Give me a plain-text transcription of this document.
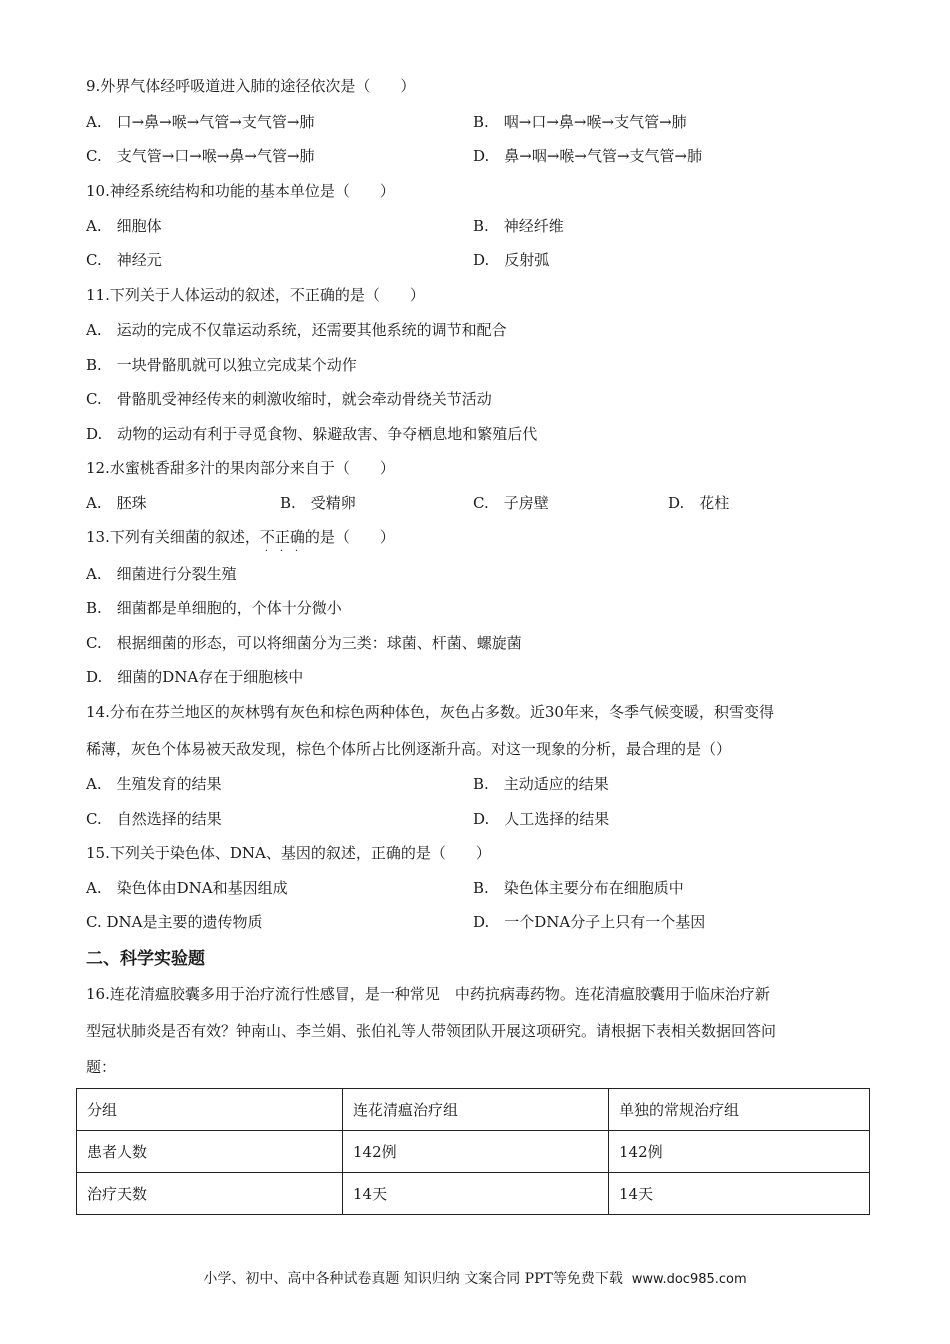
9.外界气体经呼吸道进入肺的途径依次是（　　）
A.　口→鼻→喉→气管→支气管→肺	B.　咽→口→鼻→喉→支气管→肺
C.　支气管→口→喉→鼻→气管→肺	D.　鼻→咽→喉→气管→支气管→肺
10.神经系统结构和功能的基本单位是（　　）
A.　细胞体	B.　神经纤维
C.　神经元	D.　反射弧
11.下列关于人体运动的叙述，不正确的是（　　）
A.　运动的完成不仅靠运动系统，还需要其他系统的调节和配合
B.　一块骨骼肌就可以独立完成某个动作
C.　骨骼肌受神经传来的刺激收缩时，就会牵动骨绕关节活动
D.　动物的运动有利于寻觅食物、躲避敌害、争夺栖息地和繁殖后代
12.水蜜桃香甜多汁的果肉部分来自于（　　）
A.　胚珠	B.　受精卵	C.　子房壁	D.　花柱
13.下列有关细菌的叙述，不正确
· · ·
的是（　　）
A.　细菌进行分裂生殖
B.　细菌都是单细胞的，个体十分微小
C.　根据细菌的形态，可以将细菌分为三类：球菌、杆菌、螺旋菌
D.　细菌的DNA存在于细胞核中
14.分布在芬兰地区的灰林鸮有灰色和棕色两种体色，灰色占多数。近30年来，冬季气候变暖，积雪变得
稀薄，灰色个体易被天敌发现，棕色个体所占比例逐渐升高。对这一现象的分析，最合理的是（）
A.　生殖发育的结果	B.　主动适应的结果
C.　自然选择的结果	D.　人工选择的结果
15.下列关于染色体、DNA、基因的叙述，正确的是（　　）
A.　染色体由DNA和基因组成	B.　染色体主要分布在细胞质中
C. DNA是主要的遗传物质	D.　一个DNA分子上只有一个基因
二、科学实验题
16.连花清瘟胶囊多用于治疗流行性感冒，是一种常见　中药抗病毒药物。连花清瘟胶囊用于临床治疗新
型冠状肺炎是否有效？钟南山、李兰娟、张伯礼等人带领团队开展这项研究。请根据下表相关数据回答问
题：
分组	连花清瘟治疗组	单独的常规治疗组
患者人数	142例	142例
治疗天数	14天	14天
小学、初中、高中各种试卷真题 知识归纳 文案合同 PPT等免费下载 www.doc985.com
